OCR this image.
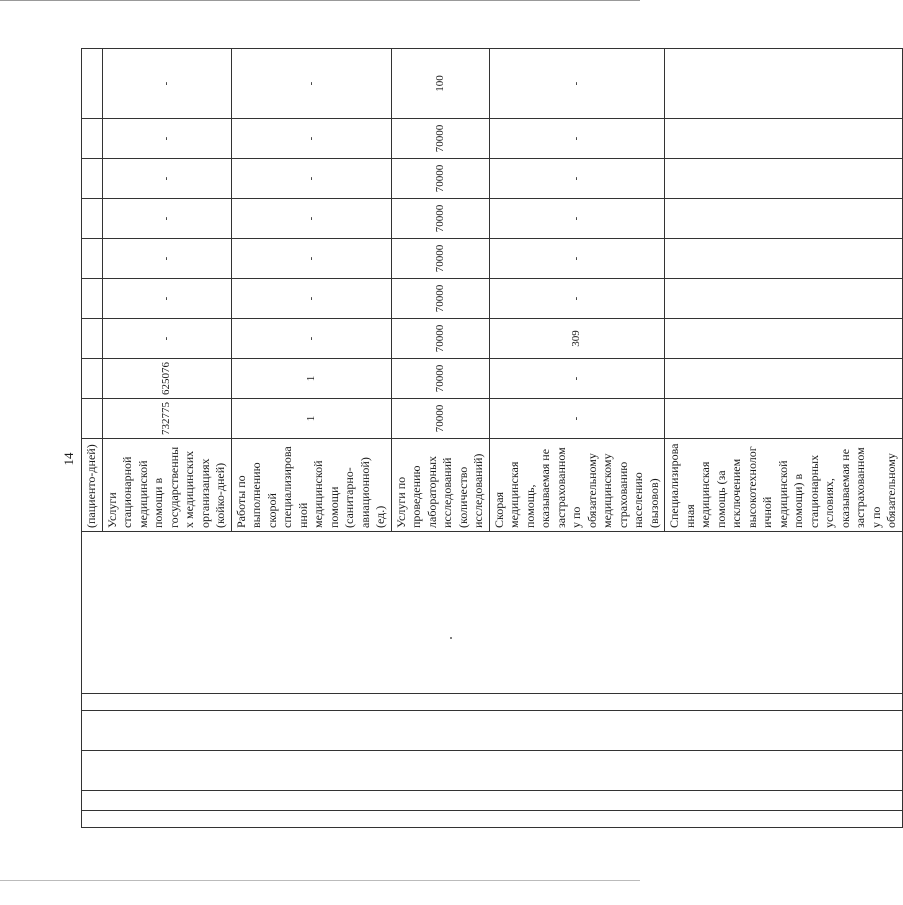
14
						(пациенто-дней)									
						Услуги стационарной медицинской помощи в государственных медицинских организациях (койко-дней)	732775	625076	-	-	-	-	-	-	-
						Работы по выполнению скорой специализированной медицинской помощи (санитарно-авиационной) (ед.)	1	1	-	-	-	-	-	-	-
						Услуги по проведению лабораторных исследований (количество исследований)	70000	70000	70000	70000	70000	70000	70000	70000	100
						Скорая медицинская помощь, оказываемая не застрахованному по обязательному медицинскому страхованию населению (вызовов)	-	-	309	-	-	-	-	-	-
						Специализированная медицинская помощь (за исключением высокотехнологичной медицинской помощи) в стационарных условиях, оказываемая не застрахованному по обязательному									
